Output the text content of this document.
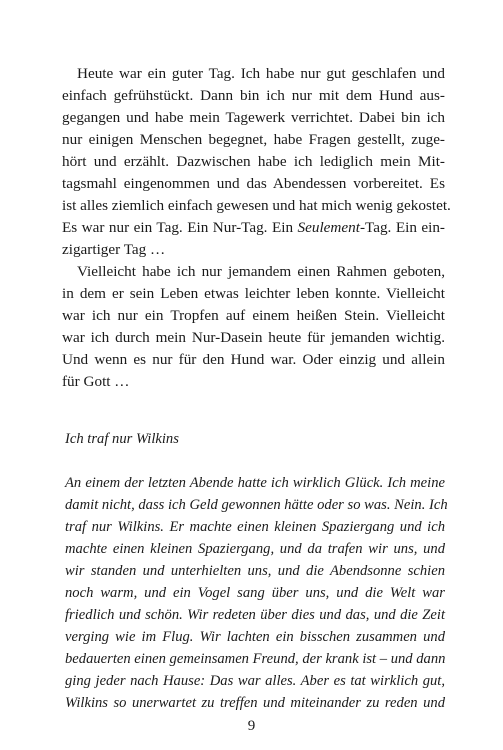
Heute war ein guter Tag. Ich habe nur gut geschlafen und
einfach gefrühstückt. Dann bin ich nur mit dem Hund aus-
gegangen und habe mein Tagewerk verrichtet. Dabei bin ich
nur einigen Menschen begegnet, habe Fragen gestellt, zuge-
hört und erzählt. Dazwischen habe ich lediglich mein Mit-
tagsmahl eingenommen und das Abendessen vorbereitet. Es
ist alles ziemlich einfach gewesen und hat mich wenig gekostet.
Es war nur ein Tag. Ein Nur-Tag. Ein Seulement-Tag. Ein ein-
zigartiger Tag …
Vielleicht habe ich nur jemandem einen Rahmen geboten,
in dem er sein Leben etwas leichter leben konnte. Vielleicht
war ich nur ein Tropfen auf einem heißen Stein. Vielleicht
war ich durch mein Nur-Dasein heute für jemanden wichtig.
Und wenn es nur für den Hund war. Oder einzig und allein
für Gott …
Ich traf nur Wilkins
An einem der letzten Abende hatte ich wirklich Glück. Ich meine
damit nicht, dass ich Geld gewonnen hätte oder so was. Nein. Ich
traf nur Wilkins. Er machte einen kleinen Spaziergang und ich
machte einen kleinen Spaziergang, und da trafen wir uns, und
wir standen und unterhielten uns, und die Abendsonne schien
noch warm, und ein Vogel sang über uns, und die Welt war
friedlich und schön. Wir redeten über dies und das, und die Zeit
verging wie im Flug. Wir lachten ein bisschen zusammen und
bedauerten einen gemeinsamen Freund, der krank ist – und dann
ging jeder nach Hause: Das war alles. Aber es tat wirklich gut,
Wilkins so unerwartet zu treffen und miteinander zu reden und
9
